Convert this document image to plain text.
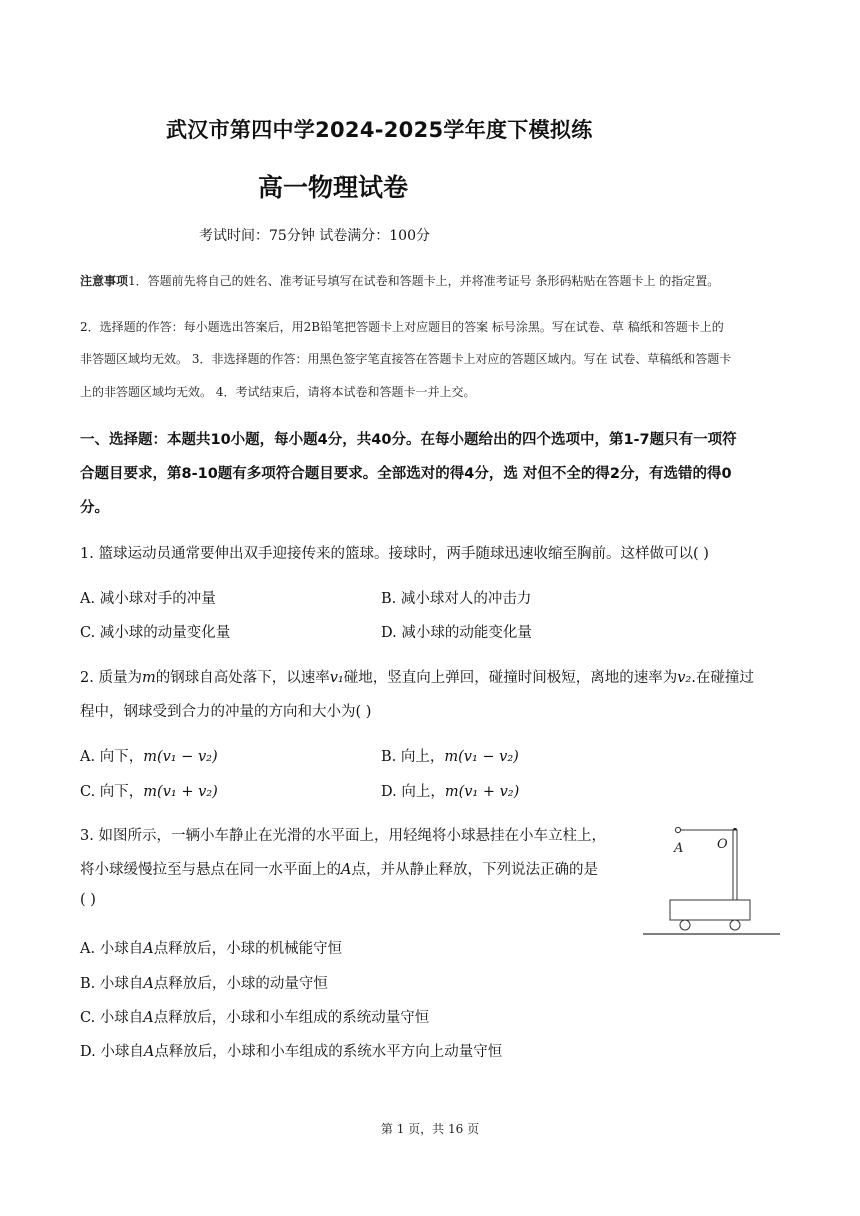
武汉市第四中学2024-2025学年度下模拟练
高一物理试卷
考试时间：75分钟 试卷满分：100分
注意事项1．答题前先将自己的姓名、准考证号填写在试卷和答题卡上，并将准考证号 条形码粘贴在答题卡上 的指定置。
2．选择题的作答：每小题选出答案后，用2B铅笔把答题卡上对应题目的答案 标号涂黑。写在试卷、草 稿纸和答题卡上的
非答题区域均无效。 3．非选择题的作答：用黑色签字笔直接答在答题卡上对应的答题区域内。写在 试卷、草稿纸和答题卡
上的非答题区域均无效。 4．考试结束后，请将本试卷和答题卡一并上交。
一、选择题：本题共10小题，每小题4分，共40分。在每小题给出的四个选项中，第1-7题只有一项符
合题目要求，第8-10题有多项符合题目要求。全部选对的得4分，选 对但不全的得2分，有选错的得0
分。
1. 篮球运动员通常要伸出双手迎接传来的篮球。接球时，两手随球迅速收缩至胸前。这样做可以( )
A. 减小球对手的冲量	B. 减小球对人的冲击力
C. 减小球的动量变化量	D. 减小球的动能变化量
2. 质量为m的钢球自高处落下，以速率v₁碰地，竖直向上弹回，碰撞时间极短，离地的速率为v₂.在碰撞过
程中，钢球受到合力的冲量的方向和大小为( )
A. 向下，m(v₁ − v₂)	B. 向上，m(v₁ − v₂)
C. 向下，m(v₁ + v₂)	D. 向上，m(v₁ + v₂)
3. 如图所示，一辆小车静止在光滑的水平面上，用轻绳将小球悬挂在小车立柱上，
将小球缓慢拉至与悬点在同一水平面上的A点，并从静止释放，下列说法正确的是
( )
A. 小球自A点释放后，小球的机械能守恒
B. 小球自A点释放后，小球的动量守恒
C. 小球自A点释放后，小球和小车组成的系统动量守恒
D. 小球自A点释放后，小球和小车组成的系统水平方向上动量守恒
A	O
第 1 页，共 16 页
